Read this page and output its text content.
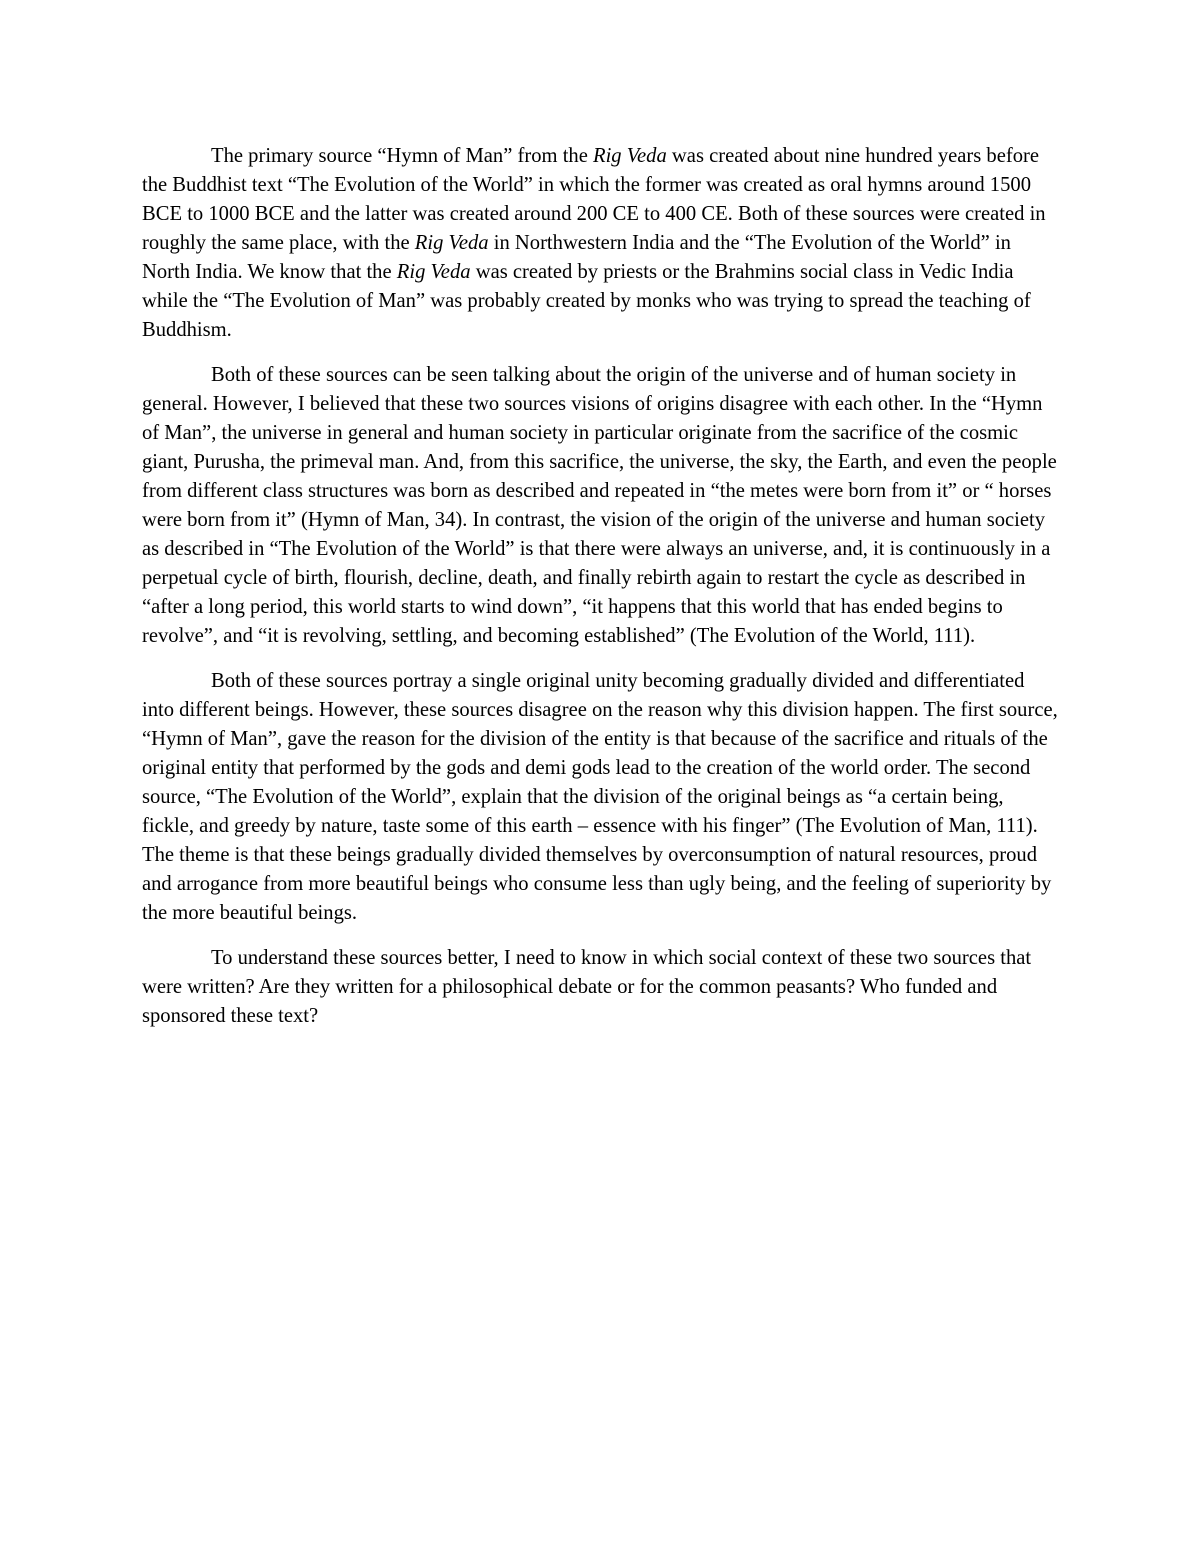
The primary source “Hymn of Man” from the Rig Veda was created about nine hundred years before the Buddhist text “The Evolution of the World” in which the former was created as oral hymns around 1500 BCE to 1000 BCE and the latter was created around 200 CE to 400 CE. Both of these sources were created in roughly the same place, with the Rig Veda in Northwestern India and the “The Evolution of the World” in North India. We know that the Rig Veda was created by priests or the Brahmins social class in Vedic India while the “The Evolution of Man” was probably created by monks who was trying to spread the teaching of Buddhism.

Both of these sources can be seen talking about the origin of the universe and of human society in general. However, I believed that these two sources visions of origins disagree with each other. In the “Hymn of Man”, the universe in general and human society in particular originate from the sacrifice of the cosmic giant, Purusha, the primeval man. And, from this sacrifice, the universe, the sky, the Earth, and even the people from different class structures was born as described and repeated in “the metes were born from it” or “ horses were born from it” (Hymn of Man, 34). In contrast, the vision of the origin of the universe and human society as described in “The Evolution of the World” is that there were always an universe, and, it is continuously in a perpetual cycle of birth, flourish, decline, death, and finally rebirth again to restart the cycle as described in “after a long period, this world starts to wind down”, “it happens that this world that has ended begins to revolve”, and “it is revolving, settling, and becoming established” (The Evolution of the World, 111).

Both of these sources portray a single original unity becoming gradually divided and differentiated into different beings. However, these sources disagree on the reason why this division happen. The first source, “Hymn of Man”, gave the reason for the division of the entity is that because of the sacrifice and rituals of the original entity that performed by the gods and demi gods lead to the creation of the world order. The second source, “The Evolution of the World”, explain that the division of the original beings as “a certain being, fickle, and greedy by nature, taste some of this earth – essence with his finger” (The Evolution of Man, 111). The theme is that these beings gradually divided themselves by overconsumption of natural resources, proud and arrogance from more beautiful beings who consume less than ugly being, and the feeling of superiority by the more beautiful beings.

To understand these sources better, I need to know in which social context of these two sources that were written? Are they written for a philosophical debate or for the common peasants? Who funded and sponsored these text?
